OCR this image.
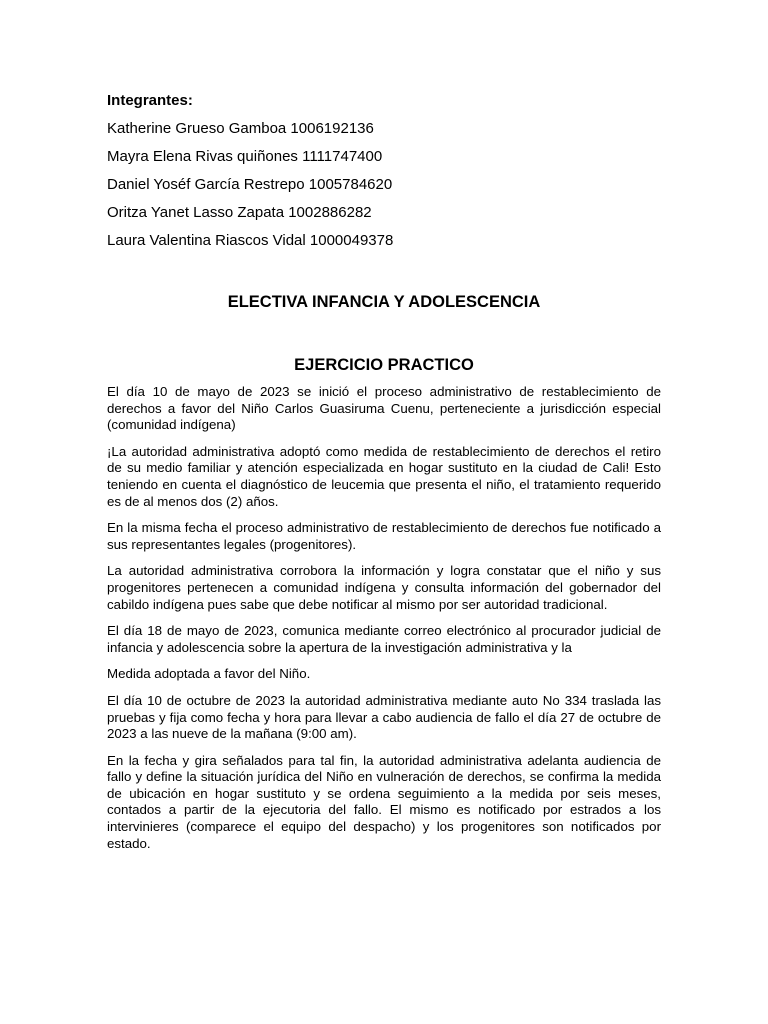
Integrantes:
Katherine Grueso Gamboa 1006192136
Mayra Elena Rivas quiñones 1111747400
Daniel Yoséf García Restrepo 1005784620
Oritza Yanet Lasso Zapata 1002886282
Laura Valentina Riascos Vidal 1000049378
ELECTIVA INFANCIA Y ADOLESCENCIA
EJERCICIO PRACTICO

El día 10 de mayo de 2023 se inició el proceso administrativo de restablecimiento de derechos a favor del Niño Carlos Guasiruma Cuenu, perteneciente a jurisdicción especial (comunidad indígena)

¡La autoridad administrativa adoptó como medida de restablecimiento de derechos el retiro de su medio familiar y atención especializada en hogar sustituto en la ciudad de Cali! Esto teniendo en cuenta el diagnóstico de leucemia que presenta el niño, el tratamiento requerido es de al menos dos (2) años.

En la misma fecha el proceso administrativo de restablecimiento de derechos fue notificado a sus representantes legales (progenitores).

La autoridad administrativa corrobora la información y logra constatar que el niño y sus progenitores pertenecen a comunidad indígena y consulta información del gobernador del cabildo indígena pues sabe que debe notificar al mismo por ser autoridad tradicional.

El día 18 de mayo de 2023, comunica mediante correo electrónico al procurador judicial de infancia y adolescencia sobre la apertura de la investigación administrativa y la

Medida adoptada a favor del Niño.

El día 10 de octubre de 2023 la autoridad administrativa mediante auto No 334 traslada las pruebas y fija como fecha y hora para llevar a cabo audiencia de fallo el día 27 de octubre de 2023 a las nueve de la mañana (9:00 am).

En la fecha y gira señalados para tal fin, la autoridad administrativa adelanta audiencia de fallo y define la situación jurídica del Niño en vulneración de derechos, se confirma la medida de ubicación en hogar sustituto y se ordena seguimiento a la medida por seis meses, contados a partir de la ejecutoria del fallo. El mismo es notificado por estrados a los intervinieres (comparece el equipo del despacho) y los progenitores son notificados por estado.
